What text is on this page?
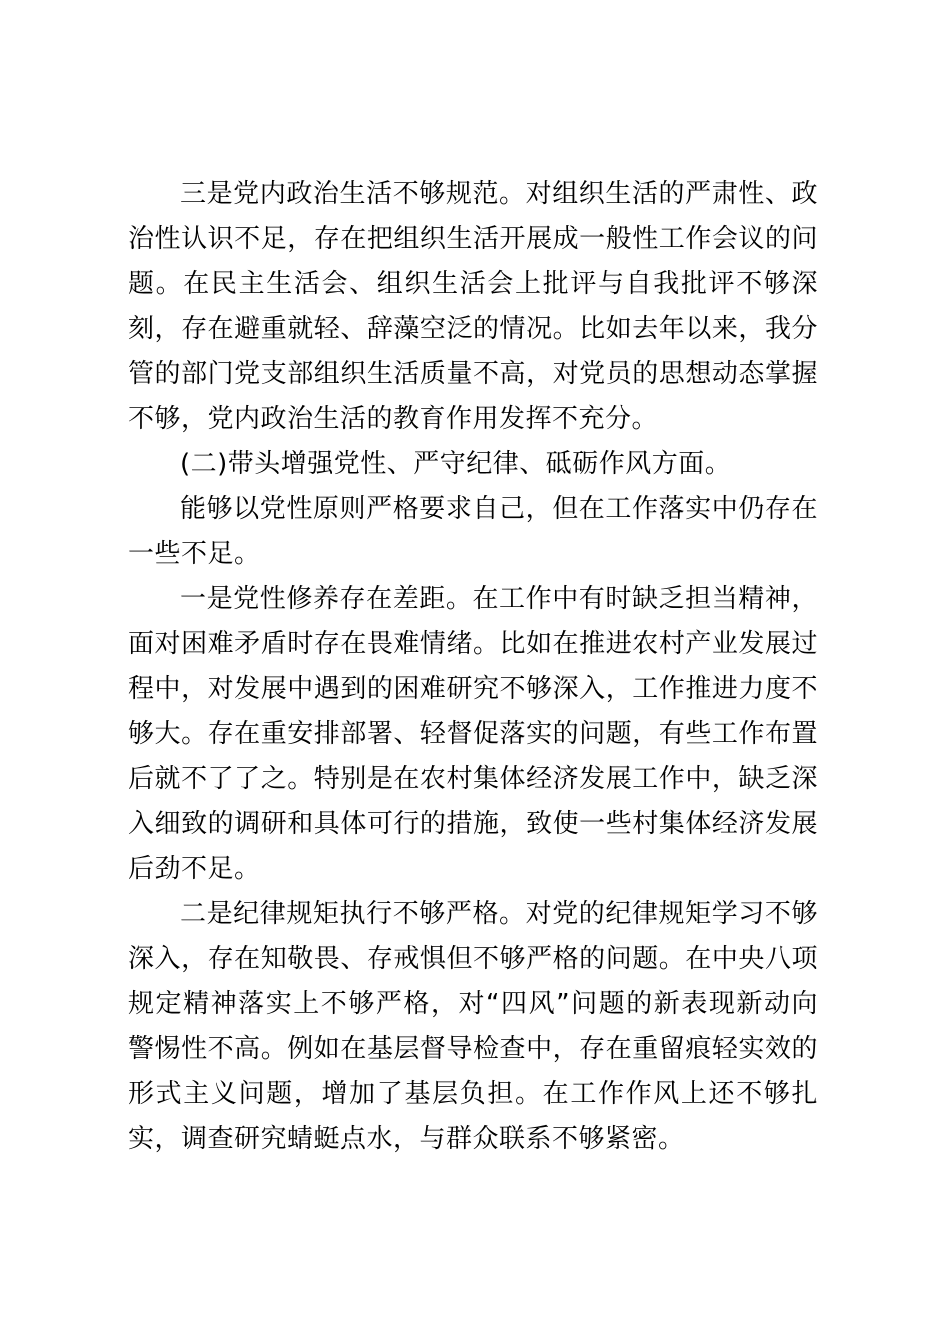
三是党内政治生活不够规范。对组织生活的严肃性、政治性认识不足，存在把组织生活开展成一般性工作会议的问题。在民主生活会、组织生活会上批评与自我批评不够深刻，存在避重就轻、辞藻空泛的情况。比如去年以来，我分管的部门党支部组织生活质量不高，对党员的思想动态掌握不够，党内政治生活的教育作用发挥不充分。

(二)带头增强党性、严守纪律、砥砺作风方面。

能够以党性原则严格要求自己，但在工作落实中仍存在一些不足。

一是党性修养存在差距。在工作中有时缺乏担当精神，面对困难矛盾时存在畏难情绪。比如在推进农村产业发展过程中，对发展中遇到的困难研究不够深入，工作推进力度不够大。存在重安排部署、轻督促落实的问题，有些工作布置后就不了了之。特别是在农村集体经济发展工作中，缺乏深入细致的调研和具体可行的措施，致使一些村集体经济发展后劲不足。

二是纪律规矩执行不够严格。对党的纪律规矩学习不够深入，存在知敬畏、存戒惧但不够严格的问题。在中央八项规定精神落实上不够严格，对“四风”问题的新表现新动向警惕性不高。例如在基层督导检查中，存在重留痕轻实效的形式主义问题，增加了基层负担。在工作作风上还不够扎实，调查研究蜻蜓点水，与群众联系不够紧密。
